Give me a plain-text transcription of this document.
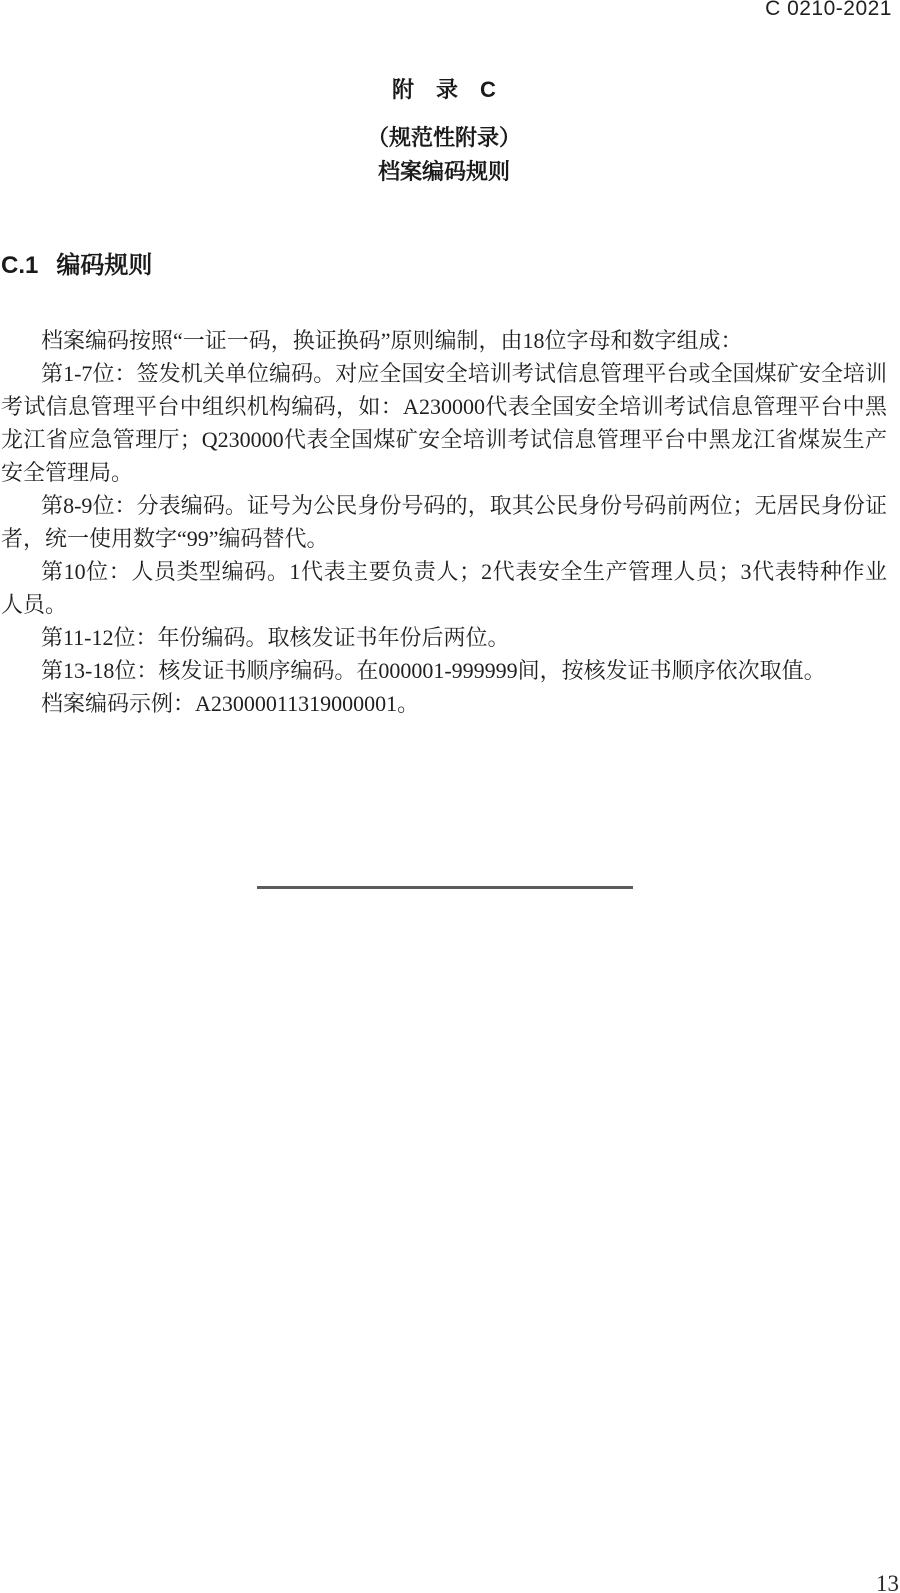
C 0210-2021
附　录　C
（规范性附录）
档案编码规则
C.1 编码规则

档案编码按照“一证一码，换证换码”原则编制，由18位字母和数字组成：

第1-7位：签发机关单位编码。对应全国安全培训考试信息管理平台或全国煤矿安全培训考试信息管理平台中组织机构编码，如：A230000代表全国安全培训考试信息管理平台中黑龙江省应急管理厅；Q230000代表全国煤矿安全培训考试信息管理平台中黑龙江省煤炭生产安全管理局。

第8-9位：分表编码。证号为公民身份号码的，取其公民身份号码前两位；无居民身份证者，统一使用数字“99”编码替代。

第10位：人员类型编码。1代表主要负责人；2代表安全生产管理人员；3代表特种作业人员。

第11-12位：年份编码。取核发证书年份后两位。

第13-18位：核发证书顺序编码。在000001-999999间，按核发证书顺序依次取值。

档案编码示例：A23000011319000001。

13
